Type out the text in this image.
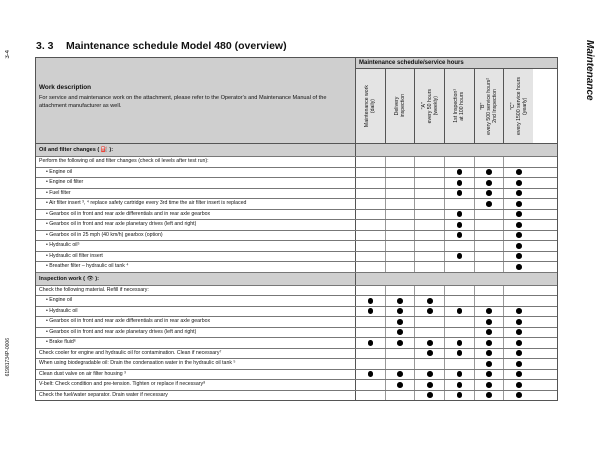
3-4
61981734P-0006
Maintenance
3. 3 Maintenance schedule Model 480 (overview)
Work description
For service and maintenance work on the attachment, please refer to the Operator's and Maintenance Manual of the attachment manufacturer as well.
Maintenance schedule/service hours
Maintenance work
(daily)	Delivery
inspection	"A"
every 50 hours
(weekly)
1st Inspection¹
at 100 hours
"B"
every 500 service hours²
2nd Inspection "C"
every 1500 service hours
(yearly)
Oil and filter changes ( ⛽ ):
Perform the following oil and filter changes (check oil levels after test run):
• Engine oil
• Engine oil filter
• Fuel filter
• Air filter insert ³, ⁴ replace safety cartridge every 3rd time the air filter insert is replaced
• Gearbox oil in front and rear axle differentials and in rear axle gearbox
• Gearbox oil in front and rear axle planetary drives (left and right)
• Gearbox oil in 25 mph (40 km/h) gearbox (option)
• Hydraulic oil⁵
• Hydraulic oil filter insert
• Breather filter – hydraulic oil tank ⁴
Inspection work ( 👁 ):
Check the following material. Refill if necessary:
• Engine oil
• Hydraulic oil
• Gearbox oil in front and rear axle differentials and in rear axle gearbox
• Gearbox oil in front and rear axle planetary drives (left and right)
• Brake fluid⁶
Check cooler for engine and hydraulic oil for contamination. Clean if necessary⁷
When using biodegradable oil: Drain the condensation water in the hydraulic oil tank ⁵
Clean dust valve on air filter housing ³
V-belt: Check condition and pre-tension. Tighten or replace if necessary⁸
Check the fuel/water separator. Drain water if necessary
